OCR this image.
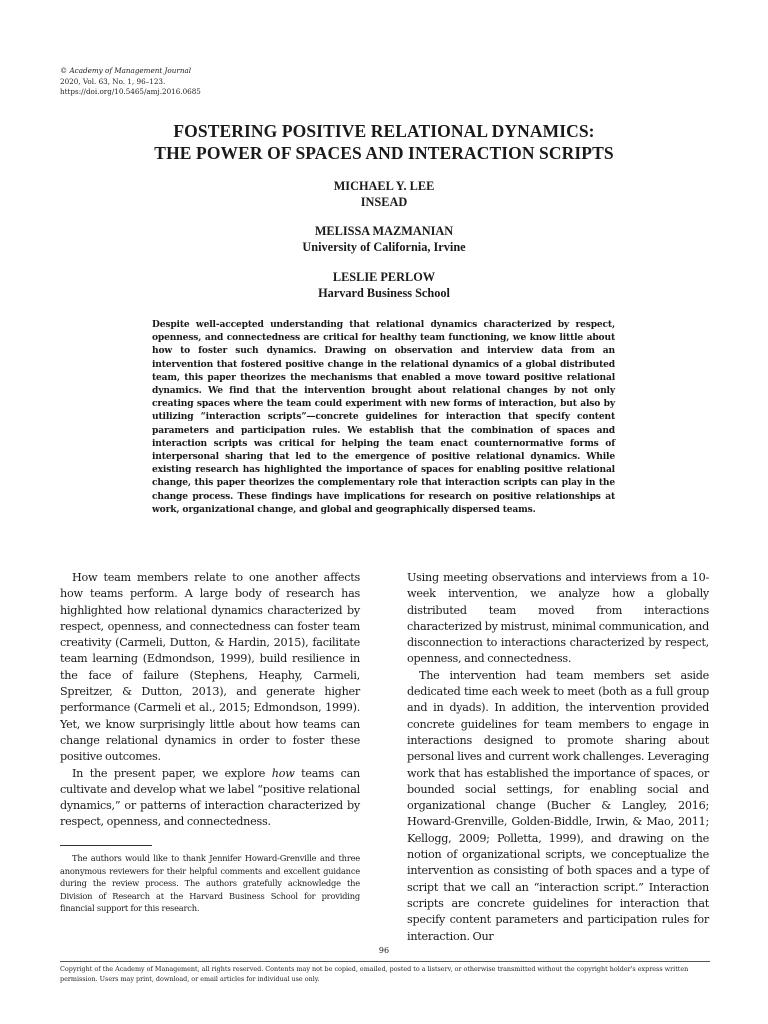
© Academy of Management Journal
2020, Vol. 63, No. 1, 96–123.
https://doi.org/10.5465/amj.2016.0685
FOSTERING POSITIVE RELATIONAL DYNAMICS:
THE POWER OF SPACES AND INTERACTION SCRIPTS
MICHAEL Y. LEE
INSEAD
MELISSA MAZMANIAN
University of California, Irvine
LESLIE PERLOW
Harvard Business School
Despite well-accepted understanding that relational dynamics characterized by respect, openness, and connectedness are critical for healthy team functioning, we know little about how to foster such dynamics. Drawing on observation and interview data from an intervention that fostered positive change in the relational dynamics of a global distributed team, this paper theorizes the mechanisms that enabled a move toward positive relational dynamics. We find that the intervention brought about relational changes by not only creating spaces where the team could experiment with new forms of interaction, but also by utilizing “interaction scripts”—concrete guidelines for interaction that specify content parameters and participation rules. We establish that the combination of spaces and interaction scripts was critical for helping the team enact counternormative forms of interpersonal sharing that led to the emergence of positive relational dynamics. While existing research has highlighted the importance of spaces for enabling positive relational change, this paper theorizes the complementary role that interaction scripts can play in the change process. These findings have implications for research on positive relationships at work, organizational change, and global and geographically dispersed teams.

How team members relate to one another affects how teams perform. A large body of research has highlighted how relational dynamics characterized by respect, openness, and connectedness can foster team creativity (Carmeli, Dutton, & Hardin, 2015), facilitate team learning (Edmondson, 1999), build resilience in the face of failure (Stephens, Heaphy, Carmeli, Spreitzer, & Dutton, 2013), and generate higher performance (Carmeli et al., 2015; Edmondson, 1999). Yet, we know surprisingly little about how teams can change relational dynamics in order to foster these positive outcomes.

In the present paper, we explore how teams can cultivate and develop what we label “positive relational dynamics,” or patterns of interaction characterized by respect, openness, and connectedness.

Using meeting observations and interviews from a 10-week intervention, we analyze how a globally distributed team moved from interactions characterized by mistrust, minimal communication, and disconnection to interactions characterized by respect, openness, and connectedness.

The intervention had team members set aside dedicated time each week to meet (both as a full group and in dyads). In addition, the intervention provided concrete guidelines for team members to engage in interactions designed to promote sharing about personal lives and current work challenges. Leveraging work that has established the importance of spaces, or bounded social settings, for enabling social and organizational change (Bucher & Langley, 2016; Howard-Grenville, Golden-Biddle, Irwin, & Mao, 2011; Kellogg, 2009; Polletta, 1999), and drawing on the notion of organizational scripts, we conceptualize the intervention as consisting of both spaces and a type of script that we call an “interaction script.” Interaction scripts are concrete guidelines for interaction that specify content parameters and participation rules for interaction. Our

The authors would like to thank Jennifer Howard-Grenville and three anonymous reviewers for their helpful comments and excellent guidance during the review process. The authors gratefully acknowledge the Division of Research at the Harvard Business School for providing financial support for this research.
96
Copyright of the Academy of Management, all rights reserved. Contents may not be copied, emailed, posted to a listserv, or otherwise transmitted without the copyright holder's express written permission. Users may print, download, or email articles for individual use only.
